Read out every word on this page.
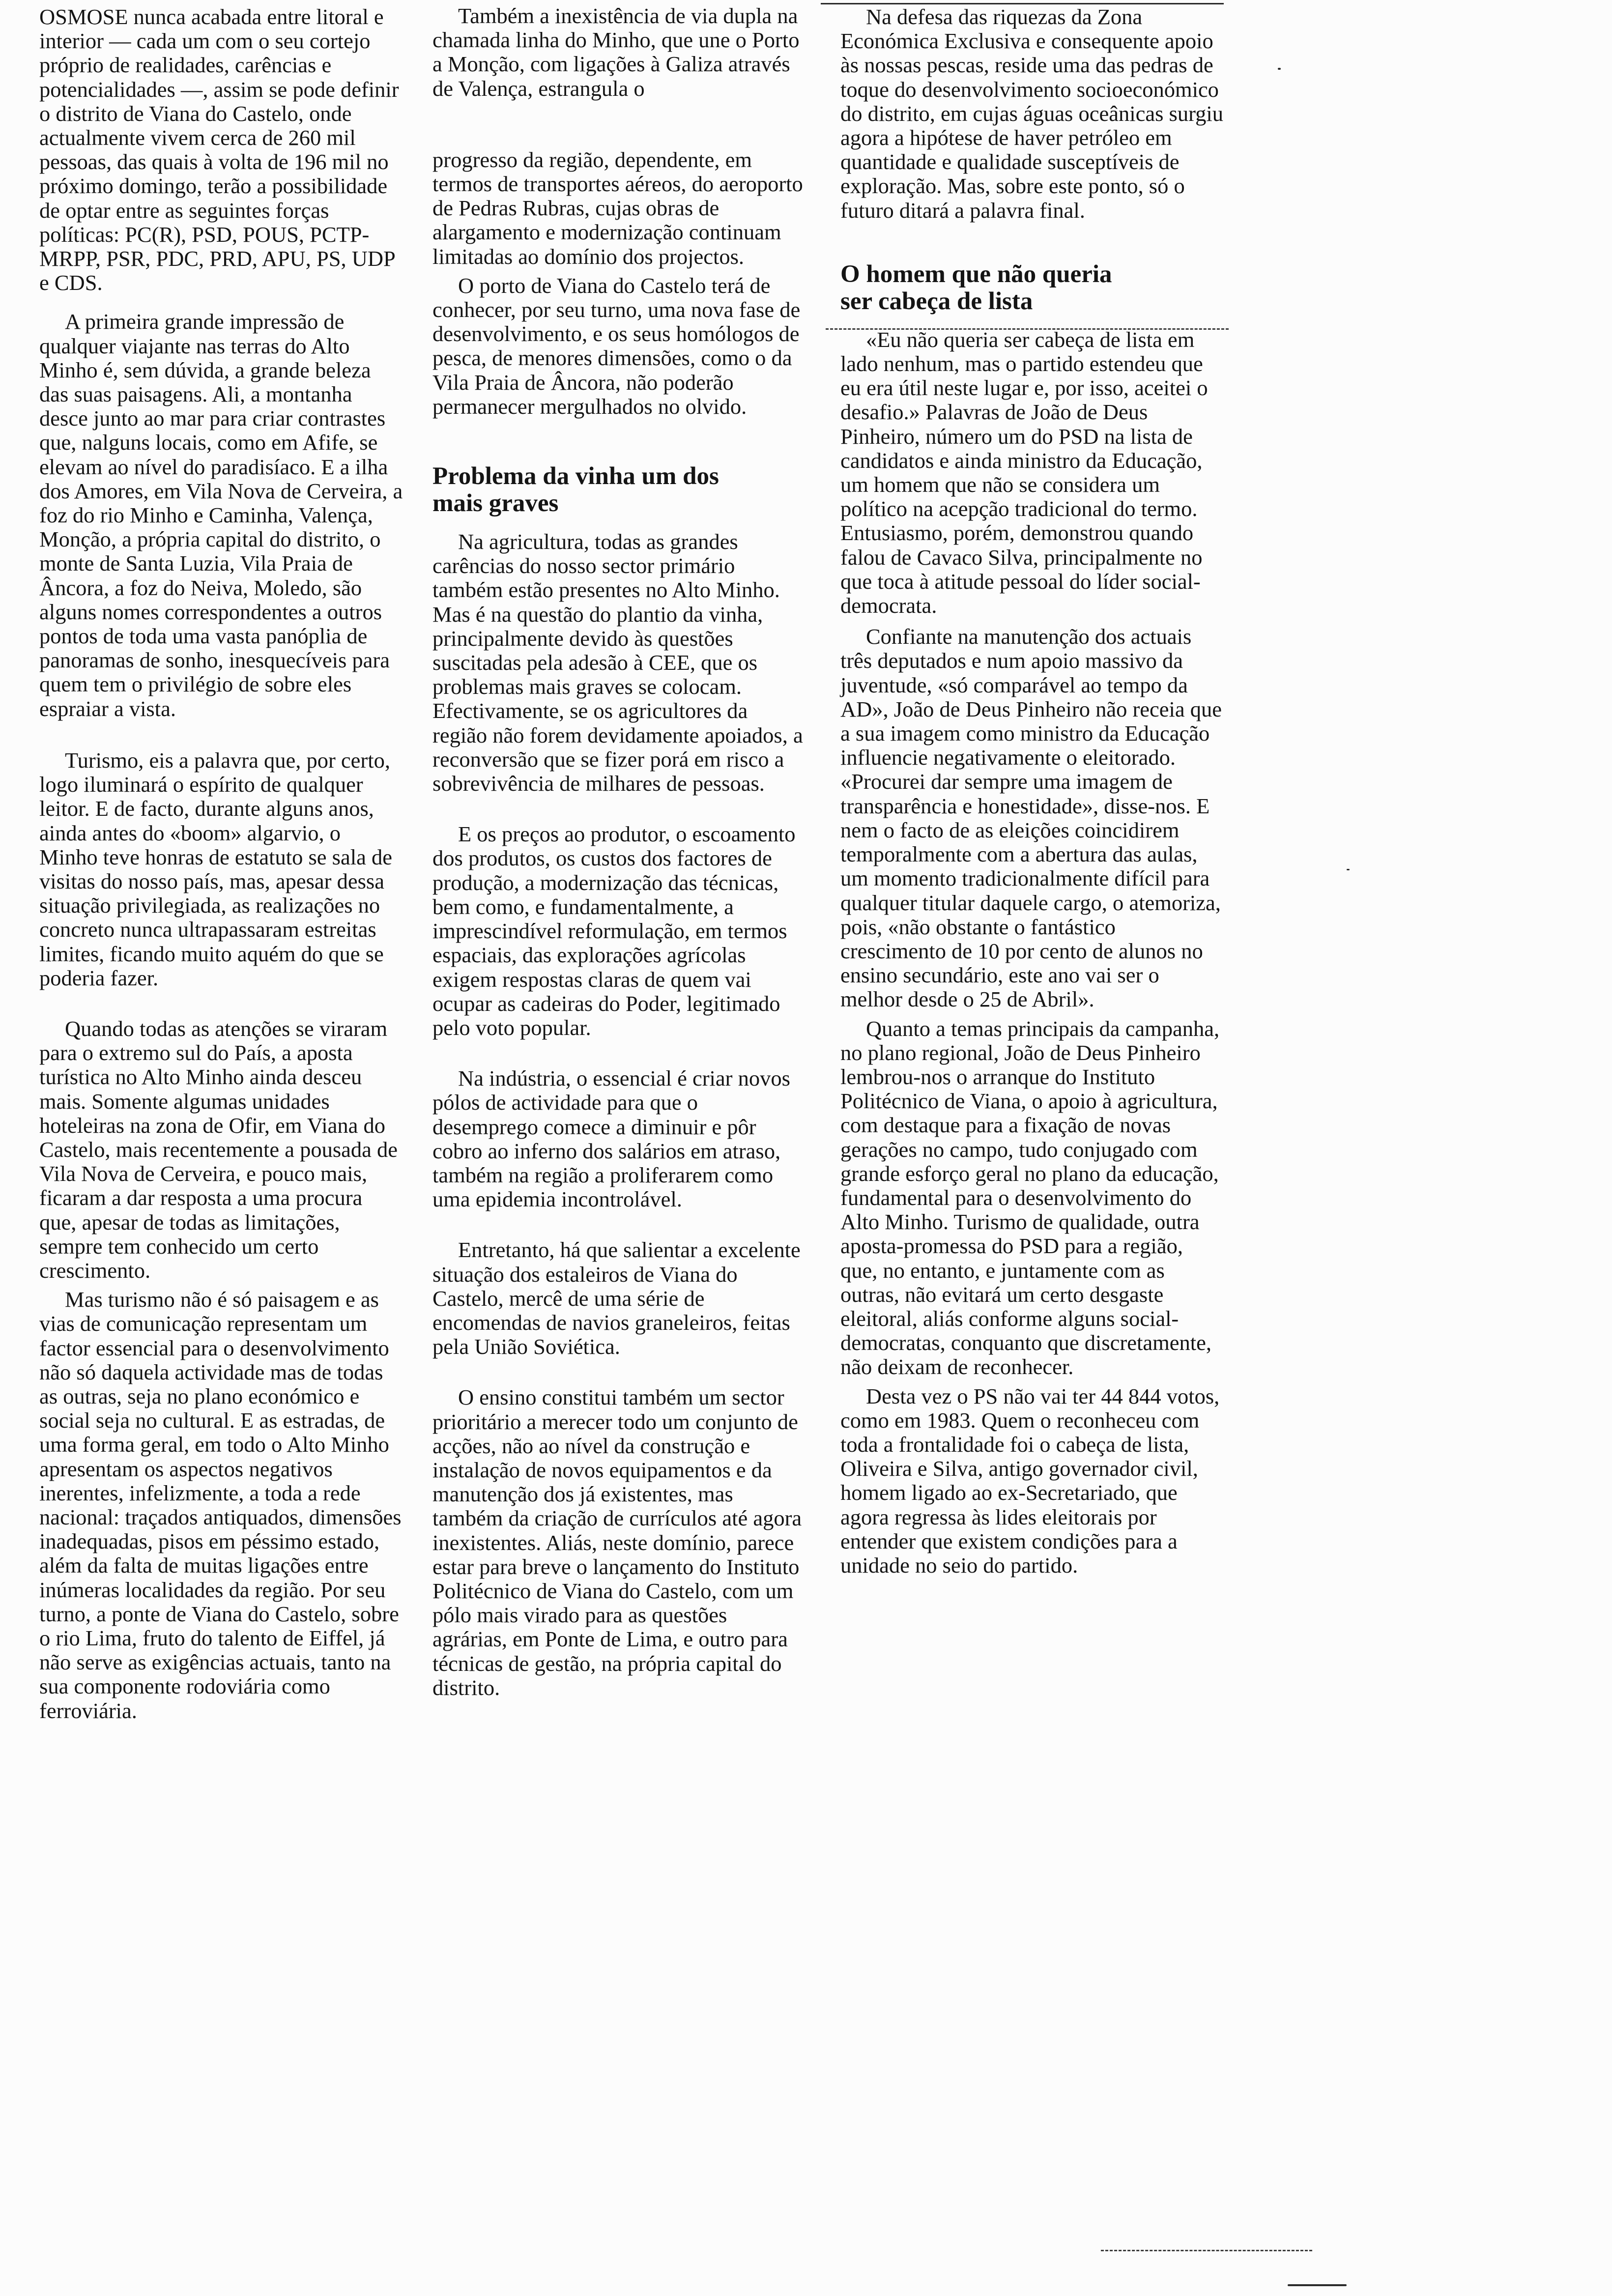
OSMOSE nunca acabada entre litoral e interior — cada um com o seu cortejo próprio de realidades, carências e potencialidades —, assim se pode definir o distrito de Viana do Castelo, onde actualmente vivem cerca de 260 mil pessoas, das quais à volta de 196 mil no próximo domingo, terão a possibilidade de optar entre as seguintes forças políticas: PC(R), PSD, POUS, PCTP-MRPP, PSR, PDC, PRD, APU, PS, UDP e CDS.

A primeira grande impressão de qualquer viajante nas terras do Alto Minho é, sem dúvida, a grande beleza das suas paisagens. Ali, a montanha desce junto ao mar para criar contrastes que, nalguns locais, como em Afife, se elevam ao nível do paradisíaco. E a ilha dos Amores, em Vila Nova de Cerveira, a foz do rio Minho e Caminha, Valença, Monção, a própria capital do distrito, o monte de Santa Luzia, Vila Praia de Âncora, a foz do Neiva, Moledo, são alguns nomes correspondentes a outros pontos de toda uma vasta panóplia de panoramas de sonho, inesquecíveis para quem tem o privilégio de sobre eles espraiar a vista.

Turismo, eis a palavra que, por certo, logo iluminará o espírito de qualquer leitor. E de facto, durante alguns anos, ainda antes do «boom» algarvio, o Minho teve honras de estatuto se sala de visitas do nosso país, mas, apesar dessa situação privilegiada, as realizações no concreto nunca ultrapassaram estreitas limites, ficando muito aquém do que se poderia fazer.

Quando todas as atenções se viraram para o extremo sul do País, a aposta turística no Alto Minho ainda desceu mais. Somente algumas unidades hoteleiras na zona de Ofir, em Viana do Castelo, mais recentemente a pousada de Vila Nova de Cerveira, e pouco mais, ficaram a dar resposta a uma procura que, apesar de todas as limitações, sempre tem conhecido um certo crescimento.

Mas turismo não é só paisagem e as vias de comunicação representam um factor essencial para o desenvolvimento não só daquela actividade mas de todas as outras, seja no plano económico e social seja no cultural. E as estradas, de uma forma geral, em todo o Alto Minho apresentam os aspectos negativos inerentes, infelizmente, a toda a rede nacional: traçados antiquados, dimensões inadequadas, pisos em péssimo estado, além da falta de muitas ligações entre inúmeras localidades da região. Por seu turno, a ponte de Viana do Castelo, sobre o rio Lima, fruto do talento de Eiffel, já não serve as exigências actuais, tanto na sua componente rodoviária como ferroviária.

Também a inexistência de via dupla na chamada linha do Minho, que une o Porto a Monção, com ligações à Galiza através de Valença, estrangula o

progresso da região, dependente, em termos de transportes aéreos, do aeroporto de Pedras Rubras, cujas obras de alargamento e modernização continuam limitadas ao domínio dos projectos.

O porto de Viana do Castelo terá de conhecer, por seu turno, uma nova fase de desenvolvimento, e os seus homólogos de pesca, de menores dimensões, como o da Vila Praia de Âncora, não poderão permanecer mergulhados no olvido.

Problema da vinha um dos mais graves

Na agricultura, todas as grandes carências do nosso sector primário também estão presentes no Alto Minho. Mas é na questão do plantio da vinha, principalmente devido às questões suscitadas pela adesão à CEE, que os problemas mais graves se colocam. Efectivamente, se os agricultores da região não forem devidamente apoiados, a reconversão que se fizer porá em risco a sobrevivência de milhares de pessoas.

E os preços ao produtor, o escoamento dos produtos, os custos dos factores de produção, a modernização das técnicas, bem como, e fundamentalmente, a imprescindível reformulação, em termos espaciais, das explorações agrícolas exigem respostas claras de quem vai ocupar as cadeiras do Poder, legitimado pelo voto popular.

Na indústria, o essencial é criar novos pólos de actividade para que o desemprego comece a diminuir e pôr cobro ao inferno dos salários em atraso, também na região a proliferarem como uma epidemia incontrolável.

Entretanto, há que salientar a excelente situação dos estaleiros de Viana do Castelo, mercê de uma série de encomendas de navios graneleiros, feitas pela União Soviética.

O ensino constitui também um sector prioritário a merecer todo um conjunto de acções, não ao nível da construção e instalação de novos equipamentos e da manutenção dos já existentes, mas também da criação de currículos até agora inexistentes. Aliás, neste domínio, parece estar para breve o lançamento do Instituto Politécnico de Viana do Castelo, com um pólo mais virado para as questões agrárias, em Ponte de Lima, e outro para técnicas de gestão, na própria capital do distrito.

Na defesa das riquezas da Zona Económica Exclusiva e consequente apoio às nossas pescas, reside uma das pedras de toque do desenvolvimento socioeconómico do distrito, em cujas águas oceânicas surgiu agora a hipótese de haver petróleo em quantidade e qualidade susceptíveis de exploração. Mas, sobre este ponto, só o futuro ditará a palavra final.

O homem que não queria ser cabeça de lista

«Eu não queria ser cabeça de lista em lado nenhum, mas o partido estendeu que eu era útil neste lugar e, por isso, aceitei o desafio.» Palavras de João de Deus Pinheiro, número um do PSD na lista de candidatos e ainda ministro da Educação, um homem que não se considera um político na acepção tradicional do termo. Entusiasmo, porém, demonstrou quando falou de Cavaco Silva, principalmente no que toca à atitude pessoal do líder social-democrata.

Confiante na manutenção dos actuais três deputados e num apoio massivo da juventude, «só comparável ao tempo da AD», João de Deus Pinheiro não receia que a sua imagem como ministro da Educação influencie negativamente o eleitorado. «Procurei dar sempre uma imagem de transparência e honestidade», disse-nos. E nem o facto de as eleições coincidirem temporalmente com a abertura das aulas, um momento tradicionalmente difícil para qualquer titular daquele cargo, o atemoriza, pois, «não obstante o fantástico crescimento de 10 por cento de alunos no ensino secundário, este ano vai ser o melhor desde o 25 de Abril».

Quanto a temas principais da campanha, no plano regional, João de Deus Pinheiro lembrou-nos o arranque do Instituto Politécnico de Viana, o apoio à agricultura, com destaque para a fixação de novas gerações no campo, tudo conjugado com grande esforço geral no plano da educação, fundamental para o desenvolvimento do Alto Minho. Turismo de qualidade, outra aposta-promessa do PSD para a região, que, no entanto, e juntamente com as outras, não evitará um certo desgaste eleitoral, aliás conforme alguns social-democratas, conquanto que discretamente, não deixam de reconhecer.

Desta vez o PS não vai ter 44 844 votos, como em 1983. Quem o reconheceu com toda a frontalidade foi o cabeça de lista, Oliveira e Silva, antigo governador civil, homem ligado ao ex-Secretariado, que agora regressa às lides eleitorais por entender que existem condições para a unidade no seio do partido.
